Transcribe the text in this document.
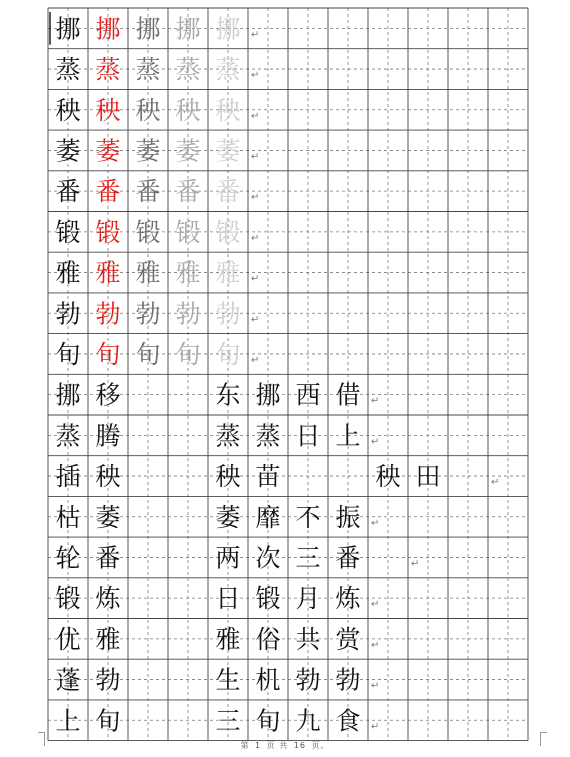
挪 挪 挪 挪 挪 ↵
蒸 蒸 蒸 蒸 蒸 ↵
秧 秧 秧 秧 秧 ↵
萎 萎 萎 萎 萎 ↵
番 番 番 番 番 ↵
锻 锻 锻 锻 锻 ↵
雅 雅 雅 雅 雅 ↵
勃 勃 勃 勃 勃 ↵
旬 旬 旬 旬 旬 ↵
挪 移	东 挪 西 借 ↵
蒸 腾	蒸 蒸 日 上 ↵
插 秧	秧 苗	秧 田	↵
枯 萎	萎 靡 不 振 ↵
轮 番	两 次 三 番	↵
锻 炼	日 锻 月 炼 ↵
优 雅	雅 俗 共 赏 ↵
蓬 勃	生 机 勃 勃 ↵
上 旬	三 旬 九 食 ↵
第 1 页 共 16 页。
